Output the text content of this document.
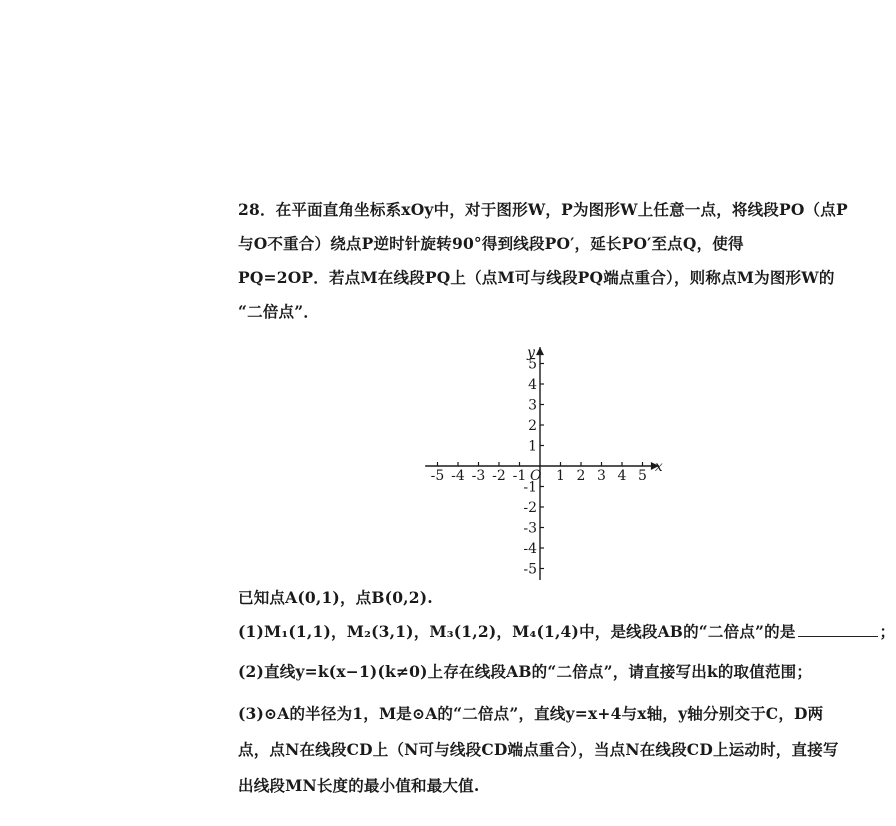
28．在平面直角坐标系xOy中，对于图形W，P为图形W上任意一点，将线段PO（点P
与O不重合）绕点P逆时针旋转90°得到线段PO′，延长PO′至点Q，使得
PQ=2OP．若点M在线段PQ上（点M可与线段PQ端点重合），则称点M为图形W的
“二倍点”．
x
y
O
-5 -4 -3 -2 -1 1 2 3 4 5
5
4
3
2
1
-1
-2
-3
-4
-5
已知点A(0,1)，点B(0,2).
(1)M₁(1,1)，M₂(3,1)，M₃(1,2)，M₄(1,4)中，是线段AB的“二倍点”的是	；
(2)直线y=k(x−1)(k≠0)上存在线段AB的“二倍点”，请直接写出k的取值范围；
(3)⊙A的半径为1，M是⊙A的“二倍点”，直线y=x+4与x轴，y轴分别交于C，D两
点，点N在线段CD上（N可与线段CD端点重合），当点N在线段CD上运动时，直接写
出线段MN长度的最小值和最大值.
